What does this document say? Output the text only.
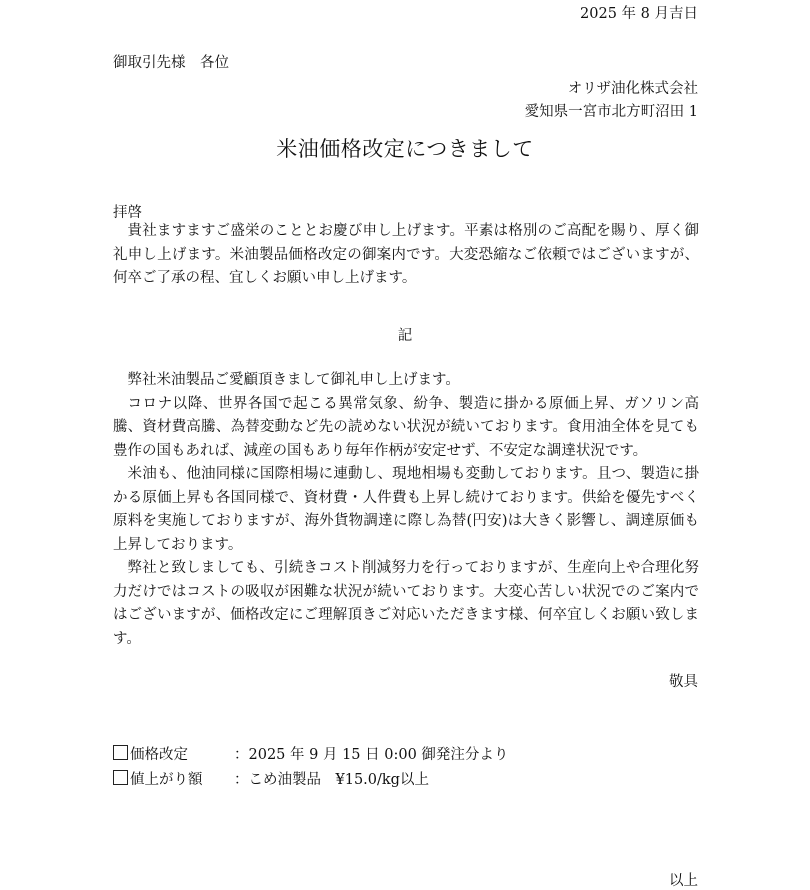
2025 年 8 月吉日
御取引先様　各位
オリザ油化株式会社
愛知県一宮市北方町沼田 1
米油価格改定につきまして
拝啓
貴社ますますご盛栄のこととお慶び申し上げます。平素は格別のご高配を賜り、厚く御礼申し上げます。米油製品価格改定の御案内です。大変恐縮なご依頼ではございますが、何卒ご了承の程、宜しくお願い申し上げます。
記

弊社米油製品ご愛顧頂きまして御礼申し上げます。

コロナ以降、世界各国で起こる異常気象、紛争、製造に掛かる原価上昇、ガソリン高騰、資材費高騰、為替変動など先の読めない状況が続いております。食用油全体を見ても豊作の国もあれば、減産の国もあり毎年作柄が安定せず、不安定な調達状況です。

米油も、他油同様に国際相場に連動し、現地相場も変動しております。且つ、製造に掛かる原価上昇も各国同様で、資材費・人件費も上昇し続けております。供給を優先すべく原料を実施しておりますが、海外貨物調達に際し為替(円安)は大きく影響し、調達原価も上昇しております。

弊社と致しましても、引続きコスト削減努力を行っておりますが、生産向上や合理化努力だけではコストの吸収が困難な状況が続いております。大変心苦しい状況でのご案内ではございますが、価格改定にご理解頂きご対応いただきます様、何卒宜しくお願い致します。

敬具
価格改定	：2025 年 9 月 15 日 0:00 御発注分より
値上がり額 ：こめ油製品　¥15.0/kg以上
以上
